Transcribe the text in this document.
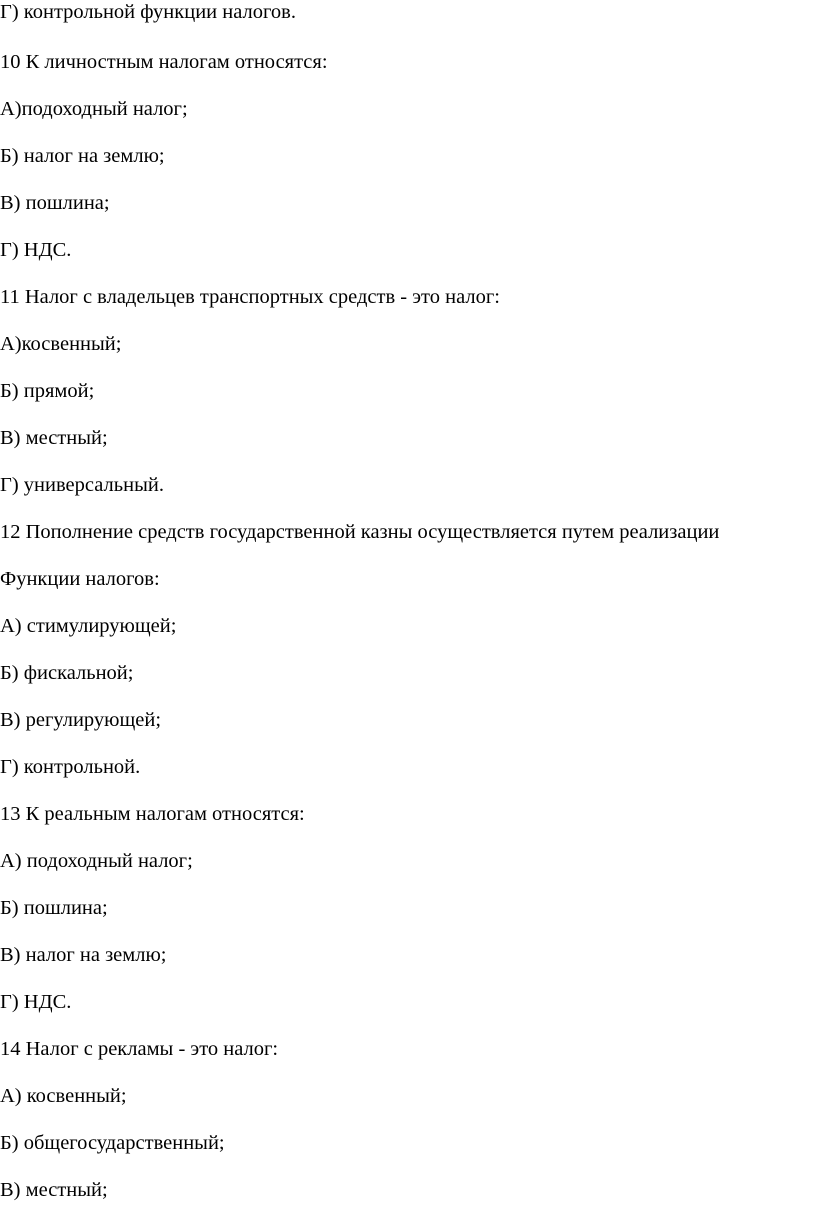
Г) контрольной функции налогов.

10 К личностным налогам относятся:

А)подоходный налог;

Б) налог на землю;

В) пошлина;

Г) НДС.

11 Налог с владельцев транспортных средств - это налог:

А)косвенный;

Б) прямой;

В) местный;

Г) универсальный.

12 Пополнение средств государственной казны осуществляется путем реализации

Функции налогов:

А) стимулирующей;

Б) фискальной;

В) регулирующей;

Г) контрольной.

13 К реальным налогам относятся:

А) подоходный налог;

Б) пошлина;

В) налог на землю;

Г) НДС.

14 Налог с рекламы - это налог:

А) косвенный;

Б) общегосударственный;

В) местный;
